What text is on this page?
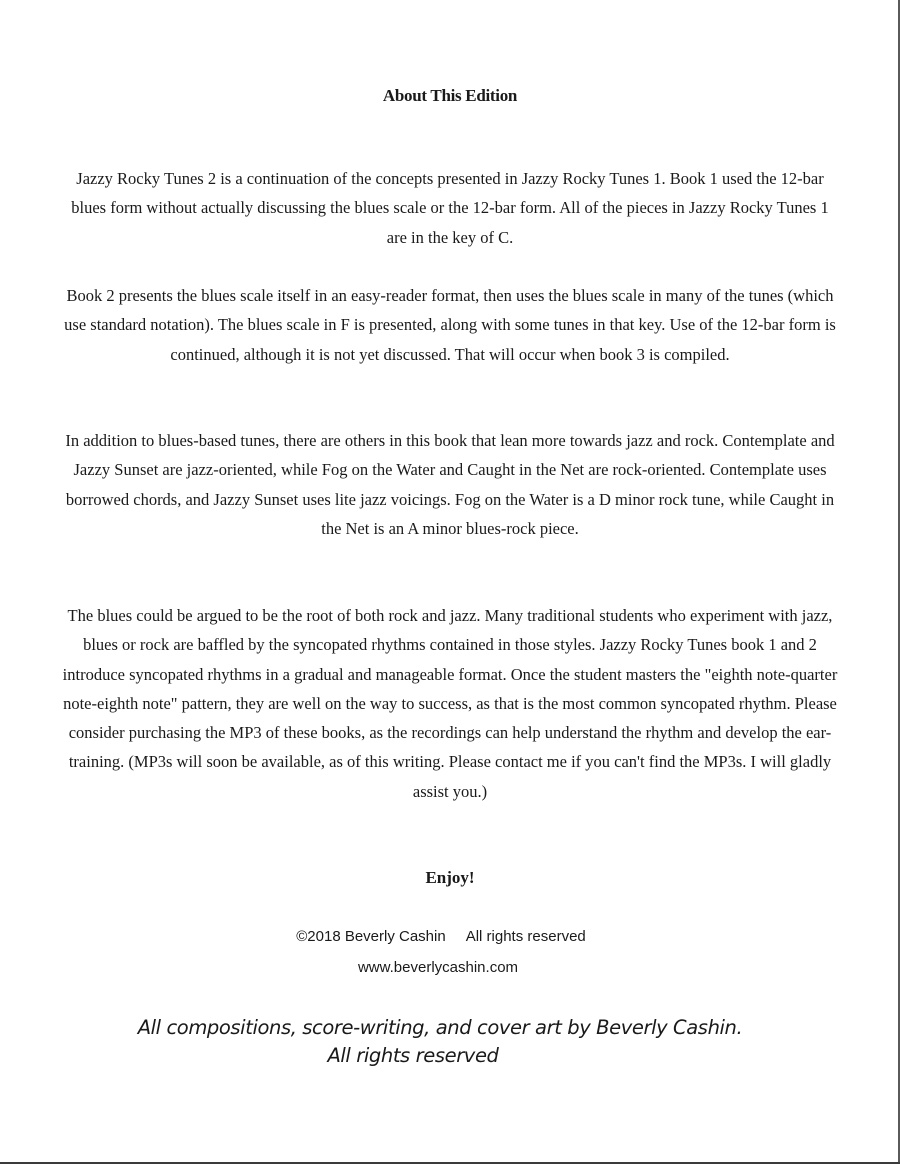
About This Edition
Jazzy Rocky Tunes 2 is a continuation of the concepts presented in Jazzy Rocky Tunes 1. Book 1 used the 12-bar blues form without actually discussing the blues scale or the 12-bar form. All of the pieces in Jazzy Rocky Tunes 1 are in the key of C.
Book 2 presents the blues scale itself in an easy-reader format, then uses the blues scale in many of the tunes (which use standard notation). The blues scale in F is presented, along with some tunes in that key. Use of the 12-bar form is continued, although it is not yet discussed. That will occur when book 3 is compiled.
In addition to blues-based tunes, there are others in this book that lean more towards jazz and rock. Contemplate and Jazzy Sunset are jazz-oriented, while Fog on the Water and Caught in the Net are rock-oriented. Contemplate uses borrowed chords, and Jazzy Sunset uses lite jazz voicings. Fog on the Water is a D minor rock tune, while Caught in the Net is an A minor blues-rock piece.
The blues could be argued to be the root of both rock and jazz. Many traditional students who experiment with jazz, blues or rock are baffled by the syncopated rhythms contained in those styles. Jazzy Rocky Tunes book 1 and 2 introduce syncopated rhythms in a gradual and manageable format. Once the student masters the "eighth note-quarter note-eighth note" pattern, they are well on the way to success, as that is the most common syncopated rhythm. Please consider purchasing the MP3 of these books, as the recordings can help understand the rhythm and develop the ear-training. (MP3s will soon be available, as of this writing. Please contact me if you can't find the MP3s. I will gladly assist you.)
Enjoy!
©2018 Beverly Cashin     All rights reserved
www.beverlycashin.com
All compositions, score-writing, and cover art by Beverly Cashin.
All rights reserved
